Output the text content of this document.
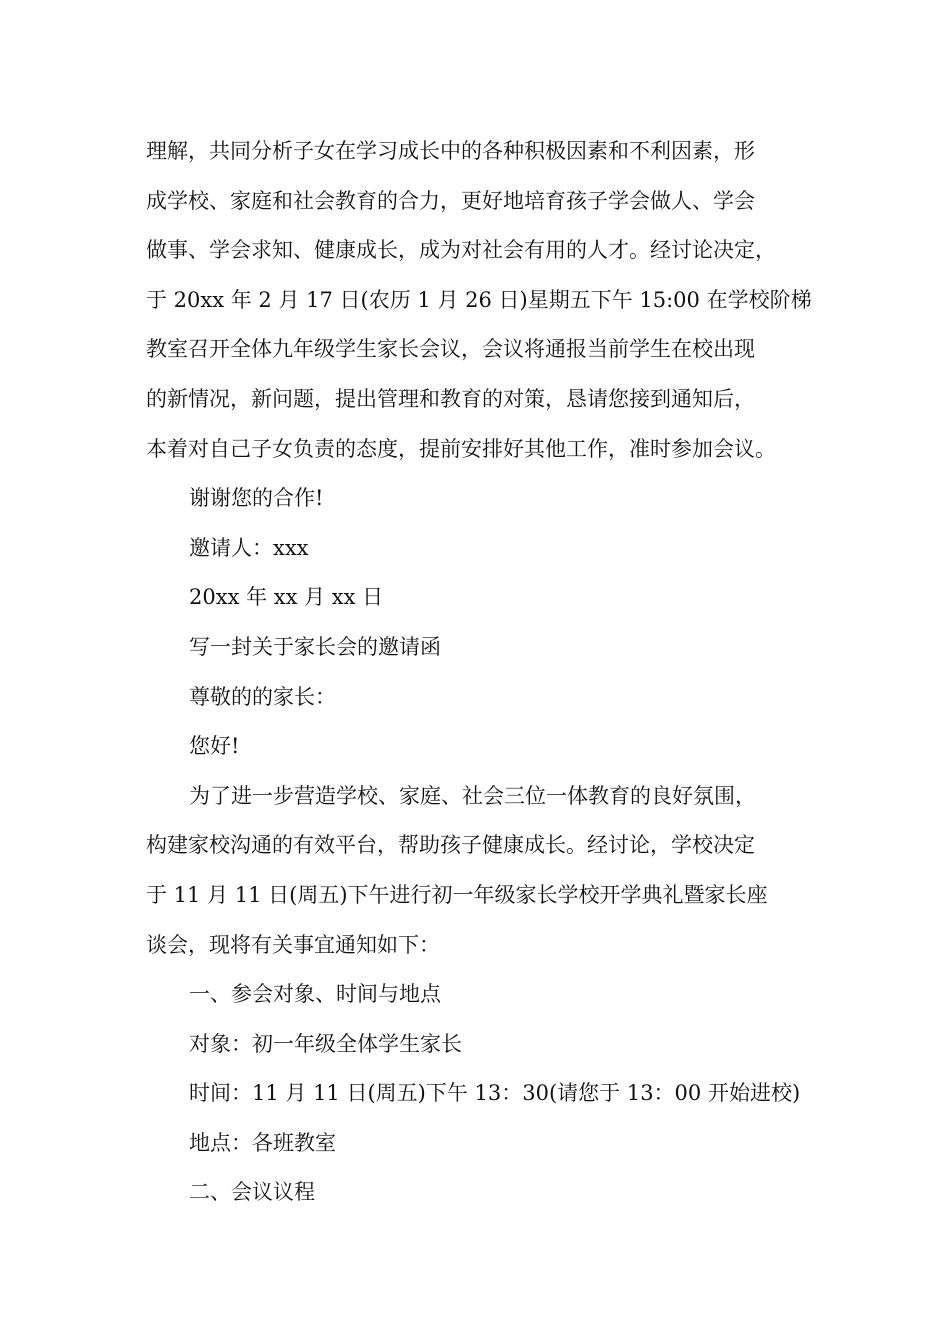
理解，共同分析子女在学习成长中的各种积极因素和不利因素，形
成学校、家庭和社会教育的合力，更好地培育孩子学会做人、学会
做事、学会求知、健康成长，成为对社会有用的人才。经讨论决定，
于 20xx 年 2 月 17 日(农历 1 月 26 日)星期五下午 15:00 在学校阶梯
教室召开全体九年级学生家长会议，会议将通报当前学生在校出现
的新情况，新问题，提出管理和教育的对策，恳请您接到通知后，
本着对自己子女负责的态度，提前安排好其他工作，准时参加会议。
谢谢您的合作!
邀请人：xxx
20xx 年 xx 月 xx 日
写一封关于家长会的邀请函
尊敬的的家长：
您好!
为了进一步营造学校、家庭、社会三位一体教育的良好氛围，
构建家校沟通的有效平台，帮助孩子健康成长。经讨论，学校决定
于 11 月 11 日(周五)下午进行初一年级家长学校开学典礼暨家长座
谈会，现将有关事宜通知如下：
一、参会对象、时间与地点
对象：初一年级全体学生家长
时间：11 月 11 日(周五)下午 13：30(请您于 13：00 开始进校)
地点：各班教室
二、会议议程
